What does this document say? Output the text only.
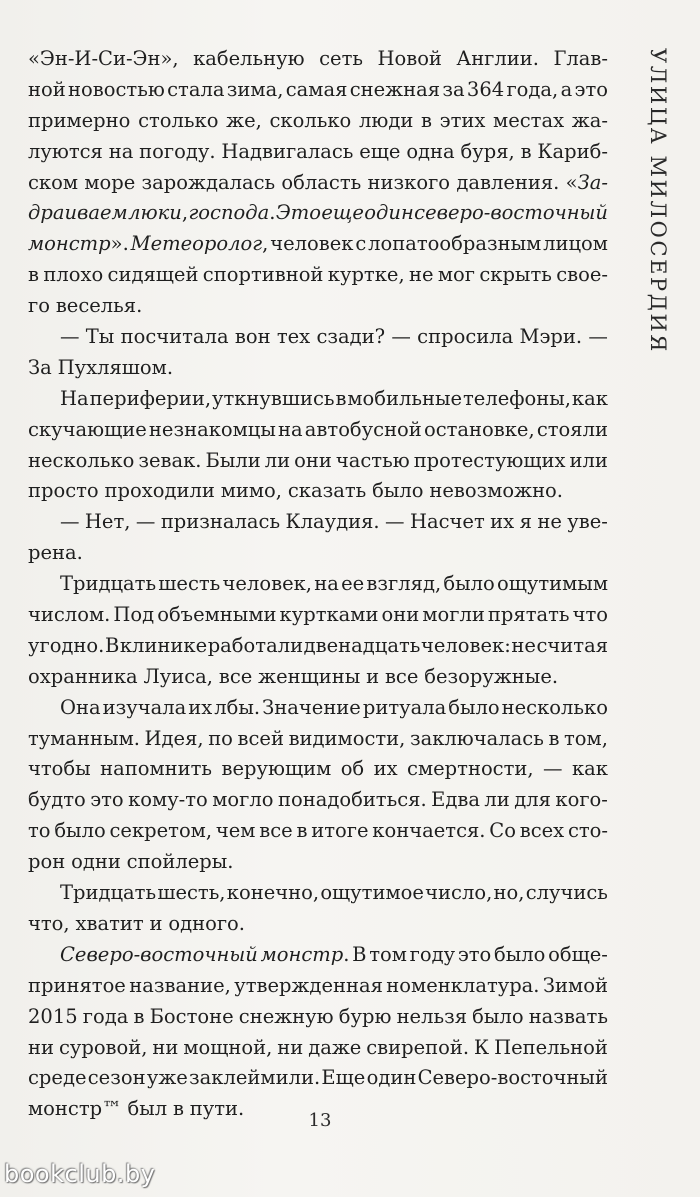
УЛИЦА МИЛОСЕРДИЯ
«Эн-И-Си-Эн», кабельную сеть Новой Англии. Глав-
ной новостью стала зима, самая снежная за 364 года, а это
примерно столько же, сколько люди в этих местах жа-
луются на погоду. Надвигалась еще одна буря, в Кариб-
ском море зарождалась область низкого давления. «За-
драиваем люки, господа. Это еще один северо-восточный
монстр». Метеоролог, человек с лопатообразным лицом
в плохо сидящей спортивной куртке, не мог скрыть свое-
го веселья.
— Ты посчитала вон тех сзади? — спросила Мэри. —
За Пухляшом.
На периферии, уткнувшись в мобильные телефоны, как
скучающие незнакомцы на автобусной остановке, стояли
несколько зевак. Были ли они частью протестующих или
просто проходили мимо, сказать было невозможно.
— Нет, — призналась Клаудия. — Насчет их я не уве-
рена.
Тридцать шесть человек, на ее взгляд, было ощутимым
числом. Под объемными куртками они могли прятать что
угодно. В клинике работали двенадцать человек: не считая
охранника Луиса, все женщины и все безоружные.
Она изучала их лбы. Значение ритуала было несколько
туманным. Идея, по всей видимости, заключалась в том,
чтобы напомнить верующим об их смертности, — как
будто это кому-то могло понадобиться. Едва ли для кого-
то было секретом, чем все в итоге кончается. Со всех сто-
рон одни спойлеры.
Тридцать шесть, конечно, ощутимое число, но, случись
что, хватит и одного.
Северо-восточный монстр. В том году это было обще-
принятое название, утвержденная номенклатура. Зимой
2015 года в Бостоне снежную бурю нельзя было назвать
ни суровой, ни мощной, ни даже свирепой. К Пепельной
среде сезон уже заклеймили. Еще один Северо-восточный
монстр™ был в пути.
13
bookclub.by
